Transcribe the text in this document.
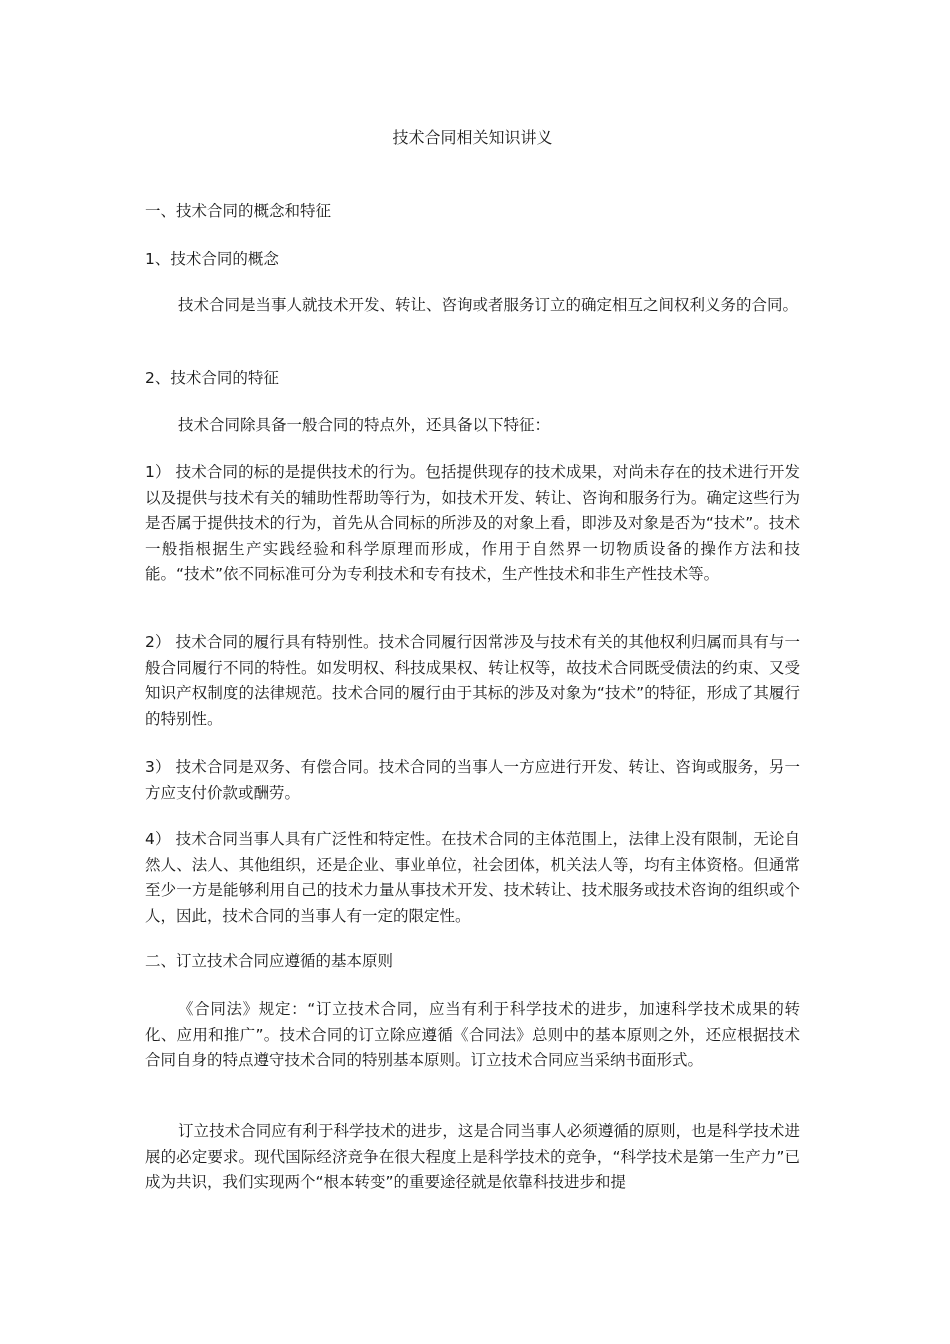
技术合同相关知识讲义

一、技术合同的概念和特征

1、技术合同的概念

技术合同是当事人就技术开发、转让、咨询或者服务订立的确定相互之间权利义务的合同。

2、技术合同的特征

技术合同除具备一般合同的特点外，还具备以下特征：

1） 技术合同的标的是提供技术的行为。包括提供现存的技术成果，对尚未存在的技术进行开发以及提供与技术有关的辅助性帮助等行为，如技术开发、转让、咨询和服务行为。确定这些行为是否属于提供技术的行为，首先从合同标的所涉及的对象上看，即涉及对象是否为“技术”。技术一般指根据生产实践经验和科学原理而形成，作用于自然界一切物质设备的操作方法和技能。“技术”依不同标准可分为专利技术和专有技术，生产性技术和非生产性技术等。

2） 技术合同的履行具有特别性。技术合同履行因常涉及与技术有关的其他权利归属而具有与一般合同履行不同的特性。如发明权、科技成果权、转让权等，故技术合同既受债法的约束、又受知识产权制度的法律规范。技术合同的履行由于其标的涉及对象为“技术”的特征，形成了其履行的特别性。

3） 技术合同是双务、有偿合同。技术合同的当事人一方应进行开发、转让、咨询或服务，另一方应支付价款或酬劳。

4） 技术合同当事人具有广泛性和特定性。在技术合同的主体范围上，法律上没有限制，无论自然人、法人、其他组织，还是企业、事业单位，社会团体，机关法人等，均有主体资格。但通常至少一方是能够利用自己的技术力量从事技术开发、技术转让、技术服务或技术咨询的组织或个人，因此，技术合同的当事人有一定的限定性。

二、订立技术合同应遵循的基本原则

《合同法》规定：“订立技术合同，应当有利于科学技术的进步，加速科学技术成果的转化、应用和推广”。技术合同的订立除应遵循《合同法》总则中的基本原则之外，还应根据技术合同自身的特点遵守技术合同的特别基本原则。订立技术合同应当采纳书面形式。

订立技术合同应有利于科学技术的进步，这是合同当事人必须遵循的原则，也是科学技术进展的必定要求。现代国际经济竞争在很大程度上是科学技术的竞争，“科学技术是第一生产力”已成为共识，我们实现两个“根本转变”的重要途径就是依靠科技进步和提
